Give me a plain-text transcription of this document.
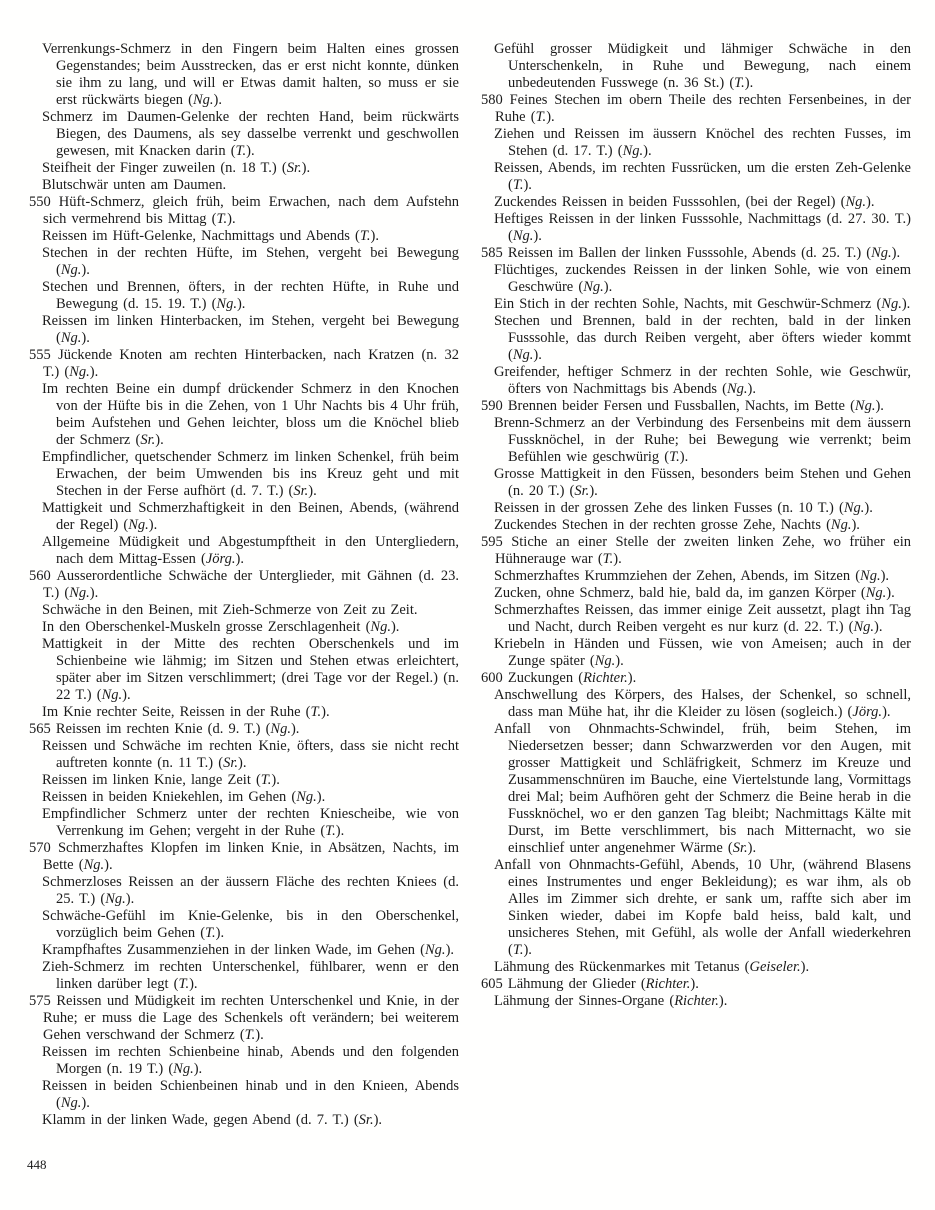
Verrenkungs-Schmerz in den Fingern beim Halten eines grossen Gegenstandes; beim Ausstrecken, das er erst nicht konnte, dünken sie ihm zu lang, und will er Etwas damit halten, so muss er sie erst rückwärts biegen (Ng.).

Schmerz im Daumen-Gelenke der rechten Hand, beim rückwärts Biegen, des Daumens, als sey dasselbe verrenkt und geschwollen gewesen, mit Knacken darin (T.).

Steifheit der Finger zuweilen (n. 18 T.) (Sr.).

Blutschwär unten am Daumen.

550 Hüft-Schmerz, gleich früh, beim Erwachen, nach dem Aufstehn sich vermehrend bis Mittag (T.).

Reissen im Hüft-Gelenke, Nachmittags und Abends (T.).

Stechen in der rechten Hüfte, im Stehen, vergeht bei Bewegung (Ng.).

Stechen und Brennen, öfters, in der rechten Hüfte, in Ruhe und Bewegung (d. 15. 19. T.) (Ng.).

Reissen im linken Hinterbacken, im Stehen, vergeht bei Bewegung (Ng.).

555 Jückende Knoten am rechten Hinterbacken, nach Kratzen (n. 32 T.) (Ng.).

Im rechten Beine ein dumpf drückender Schmerz in den Knochen von der Hüfte bis in die Zehen, von 1 Uhr Nachts bis 4 Uhr früh, beim Aufstehen und Gehen leichter, bloss um die Knöchel blieb der Schmerz (Sr.).

Empfindlicher, quetschender Schmerz im linken Schenkel, früh beim Erwachen, der beim Umwenden bis ins Kreuz geht und mit Stechen in der Ferse aufhört (d. 7. T.) (Sr.).

Mattigkeit und Schmerzhaftigkeit in den Beinen, Abends, (während der Regel) (Ng.).

Allgemeine Müdigkeit und Abgestumpftheit in den Untergliedern, nach dem Mittag-Essen (Jörg.).

560 Ausserordentliche Schwäche der Unterglieder, mit Gähnen (d. 23. T.) (Ng.).

Schwäche in den Beinen, mit Zieh-Schmerze von Zeit zu Zeit.

In den Oberschenkel-Muskeln grosse Zerschlagenheit (Ng.).

Mattigkeit in der Mitte des rechten Oberschenkels und im Schienbeine wie lähmig; im Sitzen und Stehen etwas erleichtert, später aber im Sitzen verschlimmert; (drei Tage vor der Regel.) (n. 22 T.) (Ng.).

Im Knie rechter Seite, Reissen in der Ruhe (T.).

565 Reissen im rechten Knie (d. 9. T.) (Ng.).

Reissen und Schwäche im rechten Knie, öfters, dass sie nicht recht auftreten konnte (n. 11 T.) (Sr.).

Reissen im linken Knie, lange Zeit (T.).

Reissen in beiden Kniekehlen, im Gehen (Ng.).

Empfindlicher Schmerz unter der rechten Kniescheibe, wie von Verrenkung im Gehen; vergeht in der Ruhe (T.).

570 Schmerzhaftes Klopfen im linken Knie, in Absätzen, Nachts, im Bette (Ng.).

Schmerzloses Reissen an der äussern Fläche des rechten Kniees (d. 25. T.) (Ng.).

Schwäche-Gefühl im Knie-Gelenke, bis in den Oberschenkel, vorzüglich beim Gehen (T.).

Krampfhaftes Zusammenziehen in der linken Wade, im Gehen (Ng.).

Zieh-Schmerz im rechten Unterschenkel, fühlbarer, wenn er den linken darüber legt (T.).

575 Reissen und Müdigkeit im rechten Unterschenkel und Knie, in der Ruhe; er muss die Lage des Schenkels oft verändern; bei weiterem Gehen verschwand der Schmerz (T.).

Reissen im rechten Schienbeine hinab, Abends und den folgenden Morgen (n. 19 T.) (Ng.).

Reissen in beiden Schienbeinen hinab und in den Knieen, Abends (Ng.).

Klamm in der linken Wade, gegen Abend (d. 7. T.) (Sr.).

Gefühl grosser Müdigkeit und lähmiger Schwäche in den Unterschenkeln, in Ruhe und Bewegung, nach einem unbedeutenden Fusswege (n. 36 St.) (T.).

580 Feines Stechen im obern Theile des rechten Fersenbeines, in der Ruhe (T.).

Ziehen und Reissen im äussern Knöchel des rechten Fusses, im Stehen (d. 17. T.) (Ng.).

Reissen, Abends, im rechten Fussrücken, um die ersten Zeh-Gelenke (T.).

Zuckendes Reissen in beiden Fusssohlen, (bei der Regel) (Ng.).

Heftiges Reissen in der linken Fusssohle, Nachmittags (d. 27. 30. T.) (Ng.).

585 Reissen im Ballen der linken Fusssohle, Abends (d. 25. T.) (Ng.).

Flüchtiges, zuckendes Reissen in der linken Sohle, wie von einem Geschwüre (Ng.).

Ein Stich in der rechten Sohle, Nachts, mit Geschwür-Schmerz (Ng.).

Stechen und Brennen, bald in der rechten, bald in der linken Fusssohle, das durch Reiben vergeht, aber öfters wieder kommt (Ng.).

Greifender, heftiger Schmerz in der rechten Sohle, wie Geschwür, öfters von Nachmittags bis Abends (Ng.).

590 Brennen beider Fersen und Fussballen, Nachts, im Bette (Ng.).

Brenn-Schmerz an der Verbindung des Fersenbeins mit dem äussern Fussknöchel, in der Ruhe; bei Bewegung wie verrenkt; beim Befühlen wie geschwürig (T.).

Grosse Mattigkeit in den Füssen, besonders beim Stehen und Gehen (n. 20 T.) (Sr.).

Reissen in der grossen Zehe des linken Fusses (n. 10 T.) (Ng.).

Zuckendes Stechen in der rechten grosse Zehe, Nachts (Ng.).

595 Stiche an einer Stelle der zweiten linken Zehe, wo früher ein Hühnerauge war (T.).

Schmerzhaftes Krummziehen der Zehen, Abends, im Sitzen (Ng.).

Zucken, ohne Schmerz, bald hie, bald da, im ganzen Körper (Ng.).

Schmerzhaftes Reissen, das immer einige Zeit aussetzt, plagt ihn Tag und Nacht, durch Reiben vergeht es nur kurz (d. 22. T.) (Ng.).

Kriebeln in Händen und Füssen, wie von Ameisen; auch in der Zunge später (Ng.).

600 Zuckungen (Richter.).

Anschwellung des Körpers, des Halses, der Schenkel, so schnell, dass man Mühe hat, ihr die Kleider zu lösen (sogleich.) (Jörg.).

Anfall von Ohnmachts-Schwindel, früh, beim Stehen, im Niedersetzen besser; dann Schwarzwerden vor den Augen, mit grosser Mattigkeit und Schläfrigkeit, Schmerz im Kreuze und Zusammenschnüren im Bauche, eine Viertelstunde lang, Vormittags drei Mal; beim Aufhören geht der Schmerz die Beine herab in die Fussknöchel, wo er den ganzen Tag bleibt; Nachmittags Kälte mit Durst, im Bette verschlimmert, bis nach Mitternacht, wo sie einschlief unter angenehmer Wärme (Sr.).

Anfall von Ohnmachts-Gefühl, Abends, 10 Uhr, (während Blasens eines Instrumentes und enger Bekleidung); es war ihm, als ob Alles im Zimmer sich drehte, er sank um, raffte sich aber im Sinken wieder, dabei im Kopfe bald heiss, bald kalt, und unsicheres Stehen, mit Gefühl, als wolle der Anfall wiederkehren (T.).

Lähmung des Rückenmarkes mit Tetanus (Geiseler.).

605 Lähmung der Glieder (Richter.).

Lähmung der Sinnes-Organe (Richter.).

448
